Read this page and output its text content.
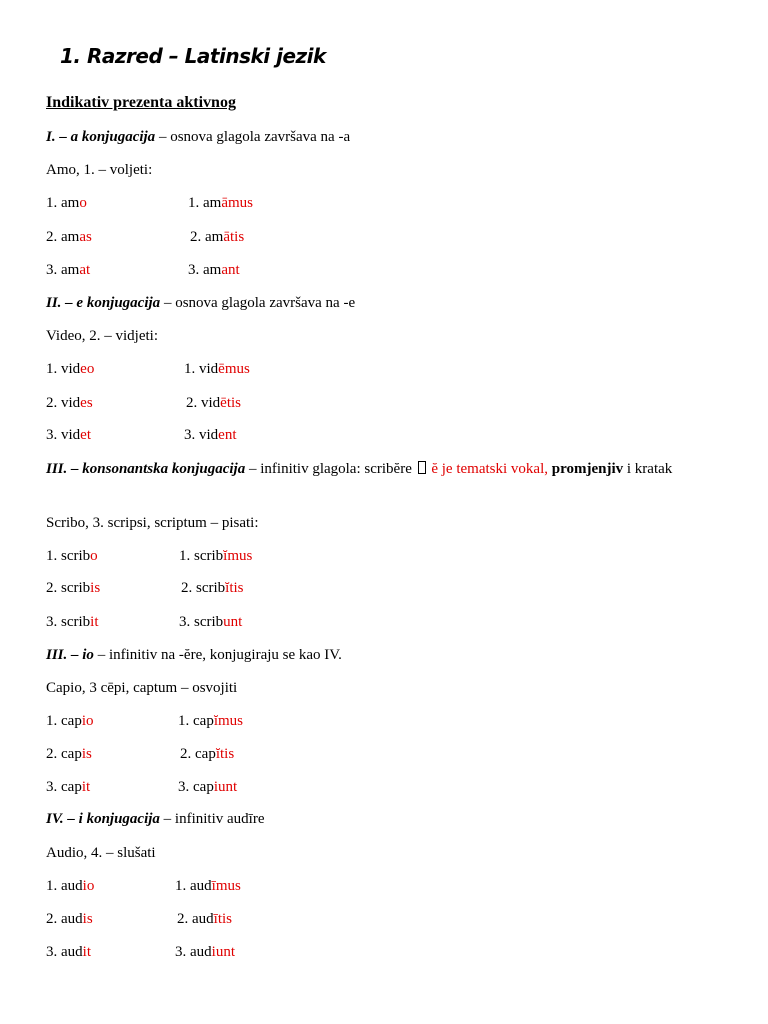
1. Razred – Latinski jezik
Indikativ prezenta aktivnog
I. – a konjugacija – osnova glagola završava na -a
Amo, 1. – voljeti:
1. amo	1. amāmus
2. amas	2. amātis
3. amat	3. amant
II. – e konjugacija – osnova glagola završava na -e
Video, 2. – vidjeti:
1. video	1. vidēmus
2. vides	2. vidētis
3. videt	3. vident
III. – konsonantska konjugacija – infinitiv glagola: scribĕre  ĕ je tematski vokal, promjenjiv i kratak
Scribo, 3. scripsi, scriptum – pisati:
1. scribo	1. scribĭmus
2. scribis	2. scribĭtis
3. scribit	3. scribunt
III. – io – infinitiv na -ĕre, konjugiraju se kao IV.
Capio, 3 cēpi, captum – osvojiti
1. capio	1. capĭmus
2. capis	2. capĭtis
3. capit	3. capiunt
IV. – i konjugacija – infinitiv audīre
Audio, 4. – slušati
1. audio	1. audīmus
2. audis	2. audītis
3. audit	3. audiunt
